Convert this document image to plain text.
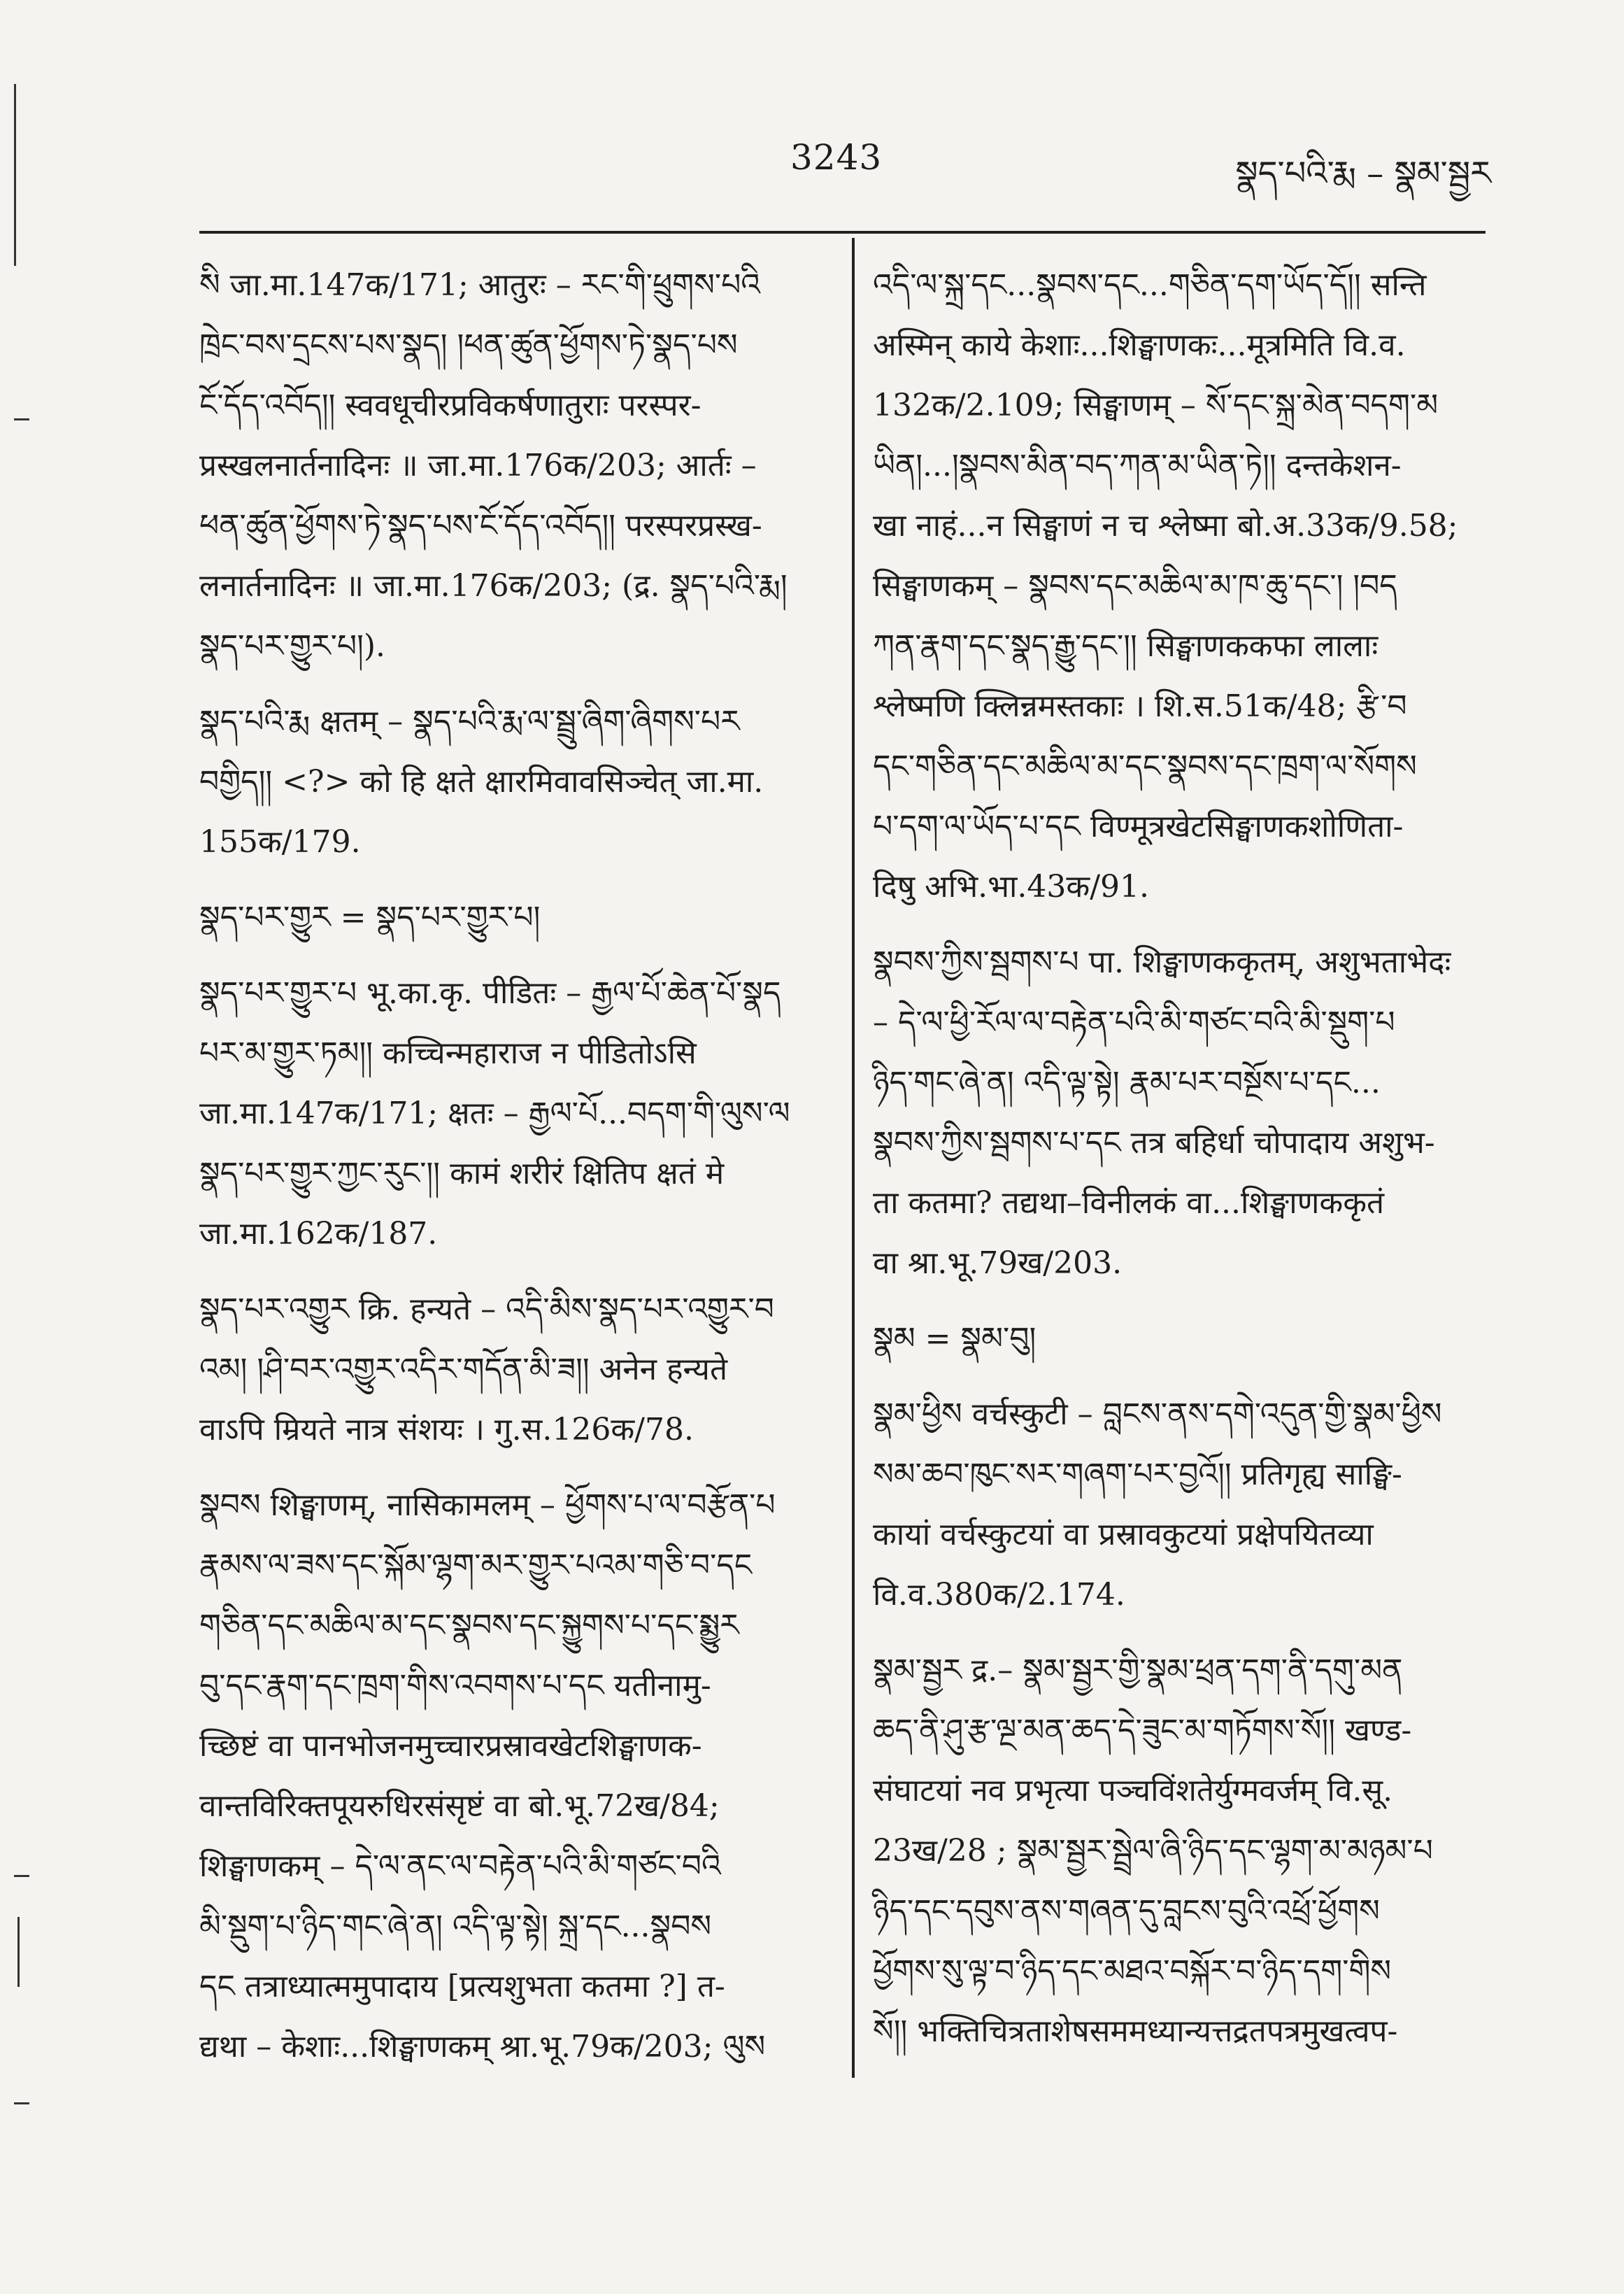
3243	སྣད་པའི་རྨ – སྣམ་སྦྱར
སི जा.मा.147क/171; आतुरः – རང་གི་ཕྲུགས་པའི
ཁྲེང་བས་དྲངས་པས་སྣད། །ཕན་ཚུན་ཕྱོགས་ཏེ་སྣད་པས
ངོ་དོད་འབོད།། स्ववधूचीरप्रविकर्षणातुराः परस्पर-
प्रस्खलनार्तनादिनः ॥ जा.मा.176क/203; आर्तः –
ཕན་ཚུན་ཕྱོགས་ཏེ་སྣད་པས་ངོ་དོད་འབོད།། परस्परप्रस्ख-
लनार्तनादिनः ॥ जा.मा.176क/203; (द्र. སྣད་པའི་རྨ།
སྣད་པར་གྱུར་པ།).
སྣད་པའི་རྨ क्षतम् – སྣད་པའི་རྨ་ལ་སྦྲུ་ཞིག་ཞིགས་པར
བགྱིད།། <?> को हि क्षते क्षारमिवावसिञ्चेत् जा.मा.
155क/179.
སྣད་པར་གྱུར = སྣད་པར་གྱུར་པ།
སྣད་པར་གྱུར་པ भू.का.कृ. पीडितः – རྒྱལ་པོ་ཆེན་པོ་སྣད
པར་མ་གྱུར་ཏམ།། कच्चिन्महाराज न पीडितोऽसि
जा.मा.147क/171; क्षतः – རྒྱལ་པོ...བདག་གི་ལུས་ལ
སྣད་པར་གྱུར་ཀྱང་རུང་།། कामं शरीरं क्षितिप क्षतं मे
जा.मा.162क/187.
སྣད་པར་འགྱུར क्रि. हन्यते – འདི་མིས་སྣད་པར་འགྱུར་བ
འམ། །ཤི་བར་འགྱུར་འདིར་གདོན་མི་ཟ།། अनेन हन्यते
वाऽपि म्रियते नात्र संशयः । गु.स.126क/78.
སྣབས शिङ्घाणम्, नासिकामलम् – ཕྱོགས་པ་ལ་བརྩོན་པ
རྣམས་ལ་ཟས་དང་སྐོམ་ལྷག་མར་གྱུར་པའམ་གཅི་བ་དང
གཅིན་དང་མཆིལ་མ་དང་སྣབས་དང་སྐྱུགས་པ་དང་སྨྱུར
བུ་དང་རྣག་དང་ཁྲག་གིས་འབགས་པ་དང यतीनामु-
च्छिष्टं वा पानभोजनमुच्चारप्रस्रावखेटशिङ्घाणक-
वान्तविरिक्तपूयरुधिरसंसृष्टं वा बो.भू.72ख/84;
शिङ्घाणकम् – དེ་ལ་ནང་ལ་བརྟེན་པའི་མི་གཙང་བའི
མི་སྡུག་པ་ཉིད་གང་ཞེ་ན། འདི་ལྟ་སྟེ། སྐྲ་དང...སྣབས
དང तत्राध्यात्ममुपादाय [प्रत्यशुभता कतमा ?] त-
द्यथा – केशाः...शिङ्घाणकम् श्रा.भू.79क/203; ལུས
འདི་ལ་སྐྲ་དང...སྣབས་དང...གཅིན་དག་ཡོད་དོ།། सन्ति
अस्मिन् काये केशाः...शिङ्घाणकः...मूत्रमिति वि.व.
132क/2.109; सिङ्घाणम् – སོ་དང་སྐྲ་མེན་བདག་མ
ཡིན།...།སྣབས་མིན་བད་ཀན་མ་ཡིན་ཏེ།། दन्तकेशन-
खा नाहं...न सिङ्घाणं न च श्लेष्मा बो.अ.33क/9.58;
सिङ्घाणकम् – སྣབས་དང་མཆིལ་མ་ཁ་ཆུ་དང་། །བད
ཀན་རྣག་དང་སྣད་རྒྱུ་དང་།། सिङ्घाणककफा लालाः
श्लेष्मणि क्लिन्नमस्तकाः । शि.स.51क/48; རྩི་བ
དང་གཅིན་དང་མཆིལ་མ་དང་སྣབས་དང་ཁྲག་ལ་སོགས
པ་དག་ལ་ཡོད་པ་དང विण्मूत्रखेटसिङ्घाणकशोणिता-
दिषु अभि.भा.43क/91.
སྣབས་ཀྱིས་སྦགས་པ पा. शिङ्घाणककृतम्, अशुभताभेदः
– དེ་ལ་ཕྱི་རོལ་ལ་བརྟེན་པའི་མི་གཙང་བའི་མི་སྡུག་པ
ཉིད་གང་ཞེ་ན། འདི་ལྟ་སྟེ། རྣམ་པར་བསྔོས་པ་དང...
སྣབས་ཀྱིས་སྦགས་པ་དང तत्र बहिर्धा चोपादाय अशुभ-
ता कतमा? तद्यथा–विनीलकं वा...शिङ्घाणककृतं
वा श्रा.भू.79ख/203.
སྣམ = སྣམ་བུ།
སྣམ་ཕྱིས वर्चस्कुटी – བླངས་ནས་དགེ་འདུན་གྱི་སྣམ་ཕྱིས
སམ་ཆབ་ཁུང་སར་གཞག་པར་བྱའོ།། प्रतिगृह्य साङ्घि-
कायां वर्चस्कुटयां वा प्रस्रावकुटयां प्रक्षेपयितव्या
वि.व.380क/2.174.
སྣམ་སྦྱར द्र.– སྣམ་སྦྱར་གྱི་སྣམ་ཕྲན་དག་ནི་དགུ་མན
ཆད་ནི་ཤུ་རྩ་ལྔ་མན་ཆད་དེ་ཟུང་མ་གཏོགས་སོ།། खण्ड-
संघाटयां नव प्रभृत्या पञ्चविंशतेर्युग्मवर्जम् वि.सू.
23ख/28 ; སྣམ་སྦྱར་སྦྲེལ་ཞི་ཉིད་དང་ལྷག་མ་མཉམ་པ
ཉིད་དང་དབུས་ནས་གཞན་དུ་བླངས་བུའི་འཕྲོ་ཕྱོགས
ཕྱོགས་སུ་ལྟ་བ་ཉིད་དང་མཐའ་བསྐོར་བ་ཉིད་དག་གིས
སོ།། भक्तिचित्रताशेषसममध्यान्यत्तद्रतपत्रमुखत्वप-
